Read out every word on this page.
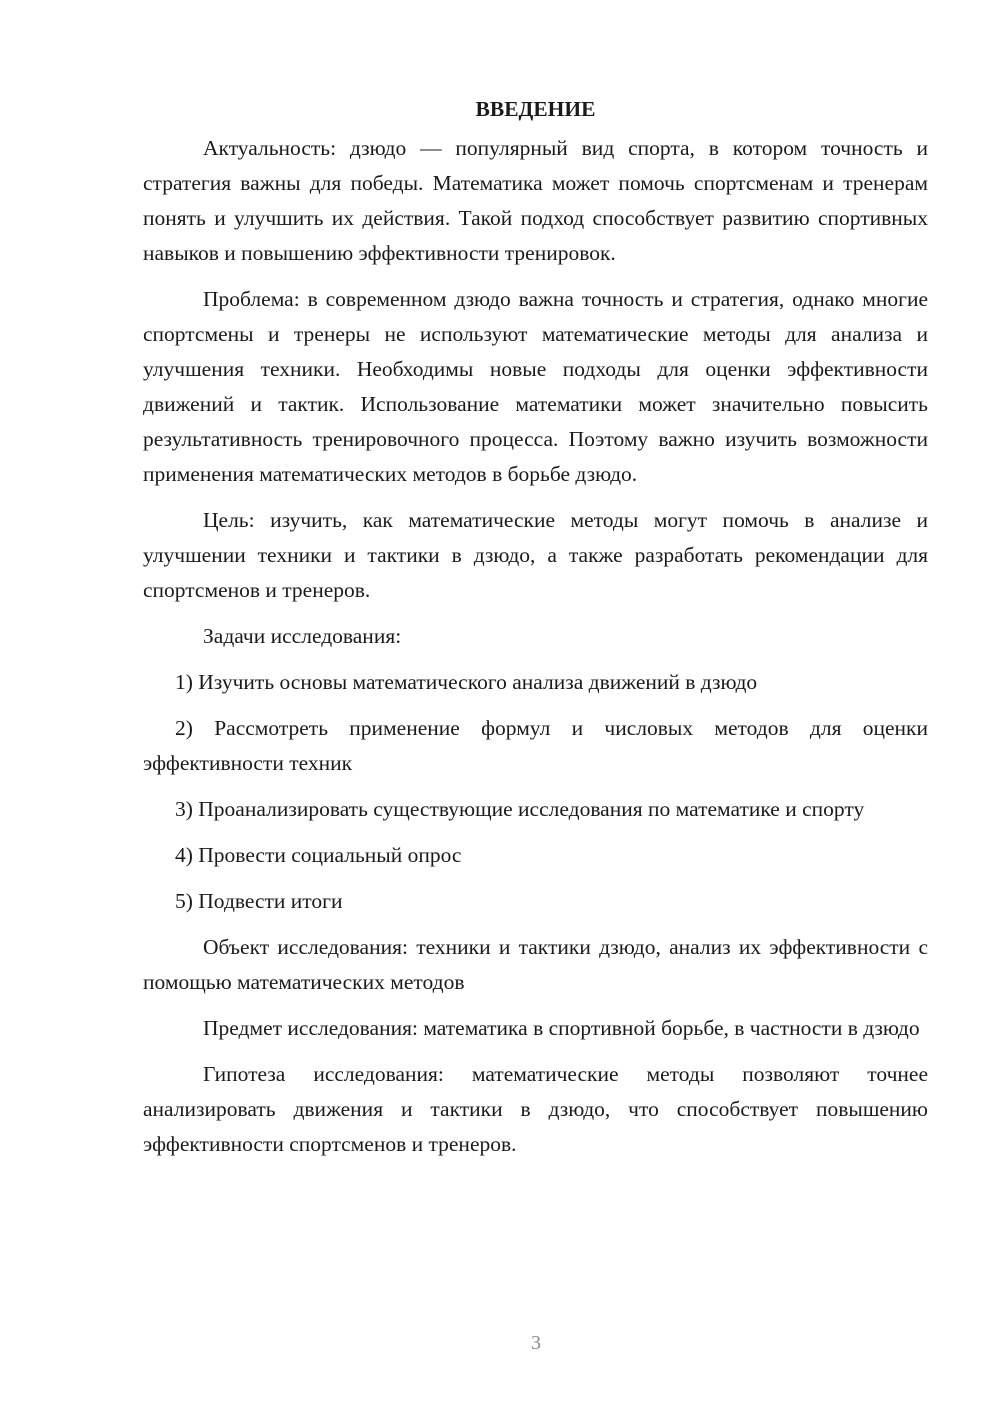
ВВЕДЕНИЕ

Актуальность: дзюдо — популярный вид спорта, в котором точность и стратегия важны для победы. Математика может помочь спортсменам и тренерам понять и улучшить их действия. Такой подход способствует развитию спортивных навыков и повышению эффективности тренировок.

Проблема: в современном дзюдо важна точность и стратегия, однако многие спортсмены и тренеры не используют математические методы для анализа и улучшения техники. Необходимы новые подходы для оценки эффективности движений и тактик. Использование математики может значительно повысить результативность тренировочного процесса. Поэтому важно изучить возможности применения математических методов в борьбе дзюдо.

Цель: изучить, как математические методы могут помочь в анализе и улучшении техники и тактики в дзюдо, а также разработать рекомендации для спортсменов и тренеров.

Задачи исследования:

1) Изучить основы математического анализа движений в дзюдо

2) Рассмотреть применение формул и числовых методов для оценки эффективности техник

3) Проанализировать существующие исследования по математике и спорту

4) Провести социальный опрос

5) Подвести итоги

Объект исследования: техники и тактики дзюдо, анализ их эффективности с помощью математических методов

Предмет исследования: математика в спортивной борьбе, в частности в дзюдо

Гипотеза исследования: математические методы позволяют точнее анализировать движения и тактики в дзюдо, что способствует повышению эффективности спортсменов и тренеров.

3
